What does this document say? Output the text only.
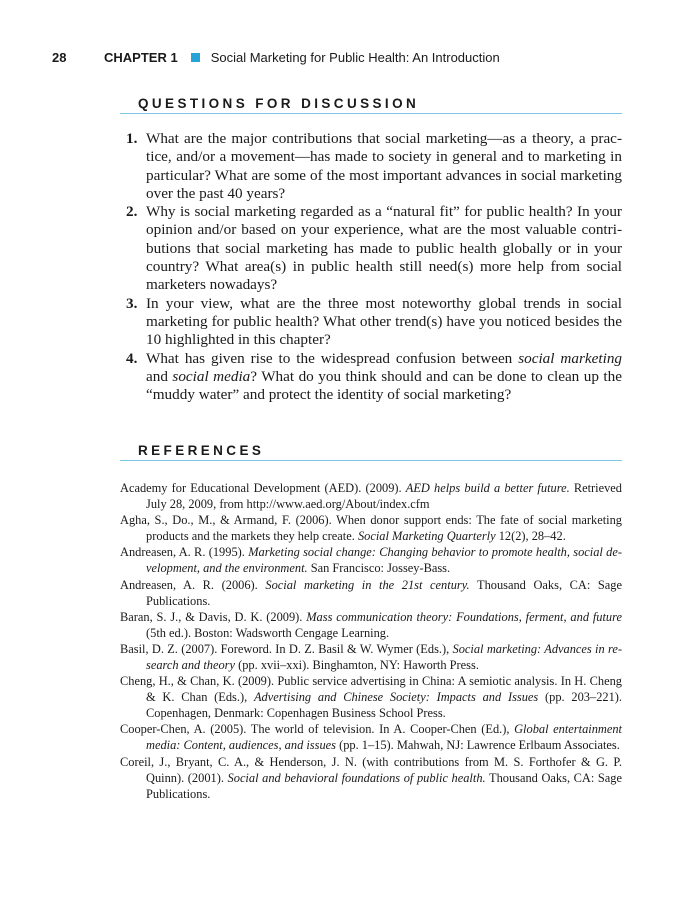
28	CHAPTER 1	Social Marketing for Public Health: An Introduction
QUESTIONS FOR DISCUSSION
1. What are the major contributions that social marketing—as a theory, a practice, and/or a movement—has made to society in general and to marketing in particular? What are some of the most important advances in social marketing over the past 40 years?
2. Why is social marketing regarded as a “natural fit” for public health? In your opinion and/or based on your experience, what are the most valuable contributions that social marketing has made to public health globally or in your country? What area(s) in public health still need(s) more help from social marketers nowadays?
3. In your view, what are the three most noteworthy global trends in social marketing for public health? What other trend(s) have you noticed besides the 10 highlighted in this chapter?
4. What has given rise to the widespread confusion between social marketing and social media? What do you think should and can be done to clean up the “muddy water” and protect the identity of social marketing?
REFERENCES
Academy for Educational Development (AED). (2009). AED helps build a better future. Retrieved July 28, 2009, from http://www.aed.org/About/index.cfm
Agha, S., Do., M., & Armand, F. (2006). When donor support ends: The fate of social marketing products and the markets they help create. Social Marketing Quarterly 12(2), 28–42.
Andreasen, A. R. (1995). Marketing social change: Changing behavior to promote health, social development, and the environment. San Francisco: Jossey-Bass.
Andreasen, A. R. (2006). Social marketing in the 21st century. Thousand Oaks, CA: Sage Publications.
Baran, S. J., & Davis, D. K. (2009). Mass communication theory: Foundations, ferment, and future (5th ed.). Boston: Wadsworth Cengage Learning.
Basil, D. Z. (2007). Foreword. In D. Z. Basil & W. Wymer (Eds.), Social marketing: Advances in research and theory (pp. xvii–xxi). Binghamton, NY: Haworth Press.
Cheng, H., & Chan, K. (2009). Public service advertising in China: A semiotic analysis. In H. Cheng & K. Chan (Eds.), Advertising and Chinese Society: Impacts and Issues (pp. 203–221). Copenhagen, Denmark: Copenhagen Business School Press.
Cooper-Chen, A. (2005). The world of television. In A. Cooper-Chen (Ed.), Global entertainment media: Content, audiences, and issues (pp. 1–15). Mahwah, NJ: Lawrence Erlbaum Associates.
Coreil, J., Bryant, C. A., & Henderson, J. N. (with contributions from M. S. Forthofer & G. P. Quinn). (2001). Social and behavioral foundations of public health. Thousand Oaks, CA: Sage Publications.
